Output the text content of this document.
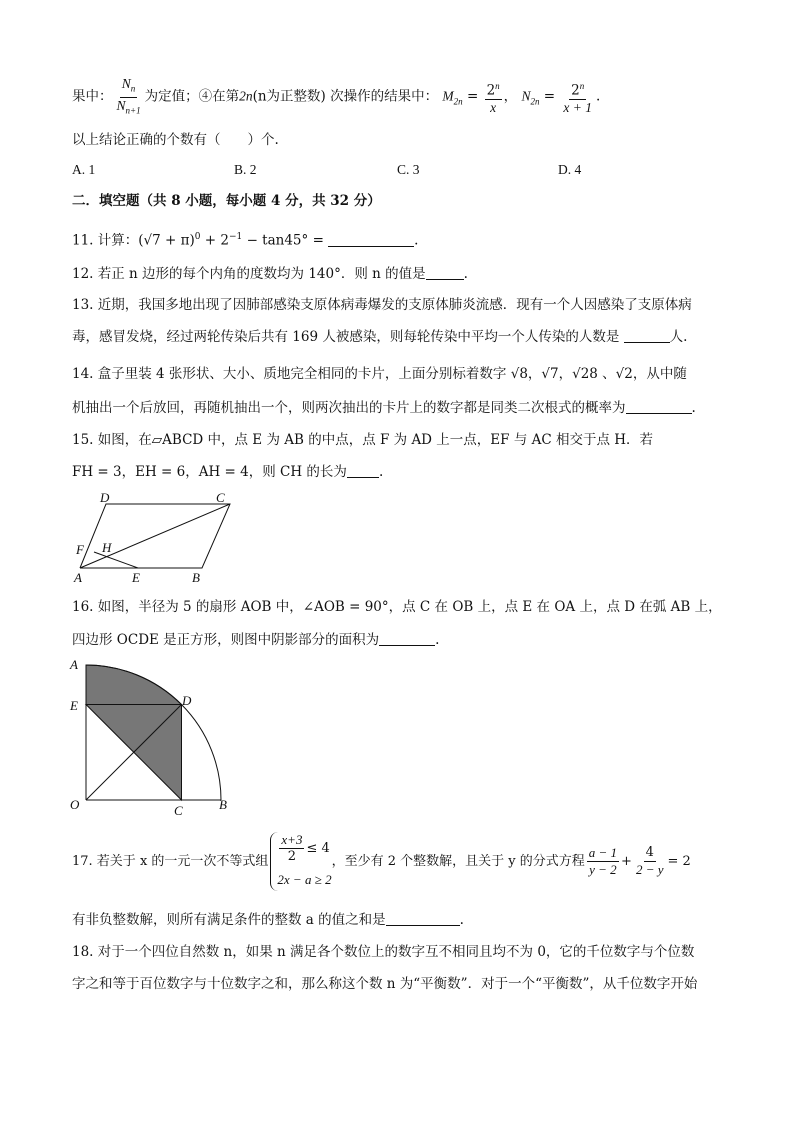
果中： $\frac{N_n}{N_{n+1}}$ 为定值；④在第2n(n为正整数) 次操作的结果中： $M_{2n} = \frac{2^n}{x}$ ， $N_{2n} = \frac{2^n}{x + 1}$ .
以上结论正确的个数有（　　）个.
A. 1	B. 2	C. 3	D. 4
二．填空题（共 8 小题，每小题 4 分，共 32 分）
11. 计算：$(√7 + \pi)^0 + 2^{-1} - \tan 45^\circ$ =	.
12. 若正 n 边形的每个内角的度数均为 140°．则 n 的值是	.
13. 近期，我国多地出现了因肺部感染支原体病毒爆发的支原体肺炎流感．现有一个人因感染了支原体病
毒，感冒发烧，经过两轮传染后共有 169 人被感染，则每轮传染中平均一个人传染的人数是	人.
14. 盒子里装 4 张形状、大小、质地完全相同的卡片，上面分别标着数字 √8，√7，√28 、√2，从中随
机抽出一个后放回，再随机抽出一个，则两次抽出的卡片上的数字都是同类二次根式的概率为	.
15. 如图，在▱ABCD 中，点 E 为 AB 的中点，点 F 为 AD 上一点，EF 与 AC 相交于点 H．若
FH = 3，EH = 6，AH = 4，则 CH 的长为 .
A	E	B
C
D
F H
16. 如图，半径为 5 的扇形 AOB 中，∠AOB = 90°，点 C 在 OB 上，点 E 在 OA 上，点 D 在弧 AB 上，
四边形 OCDE 是正方形，则图中阴影部分的面积为	.
A
E	D
O	C	B
17. 若关于 x 的一元一次不等式组 $\frac{x+3}{2} \le 4$
2x − a ≥ 2
，至少有 2 个整数解，且关于 y 的分式方程 $\frac{a - 1}{y - 2} + \frac{4}{2 - y} = 2$
有非负整数解，则所有满足条件的整数 a 的值之和是	.
18. 对于一个四位自然数 n，如果 n 满足各个数位上的数字互不相同且均不为 0，它的千位数字与个位数
字之和等于百位数字与十位数字之和，那么称这个数 n 为“平衡数”．对于一个“平衡数”，从千位数字开始
